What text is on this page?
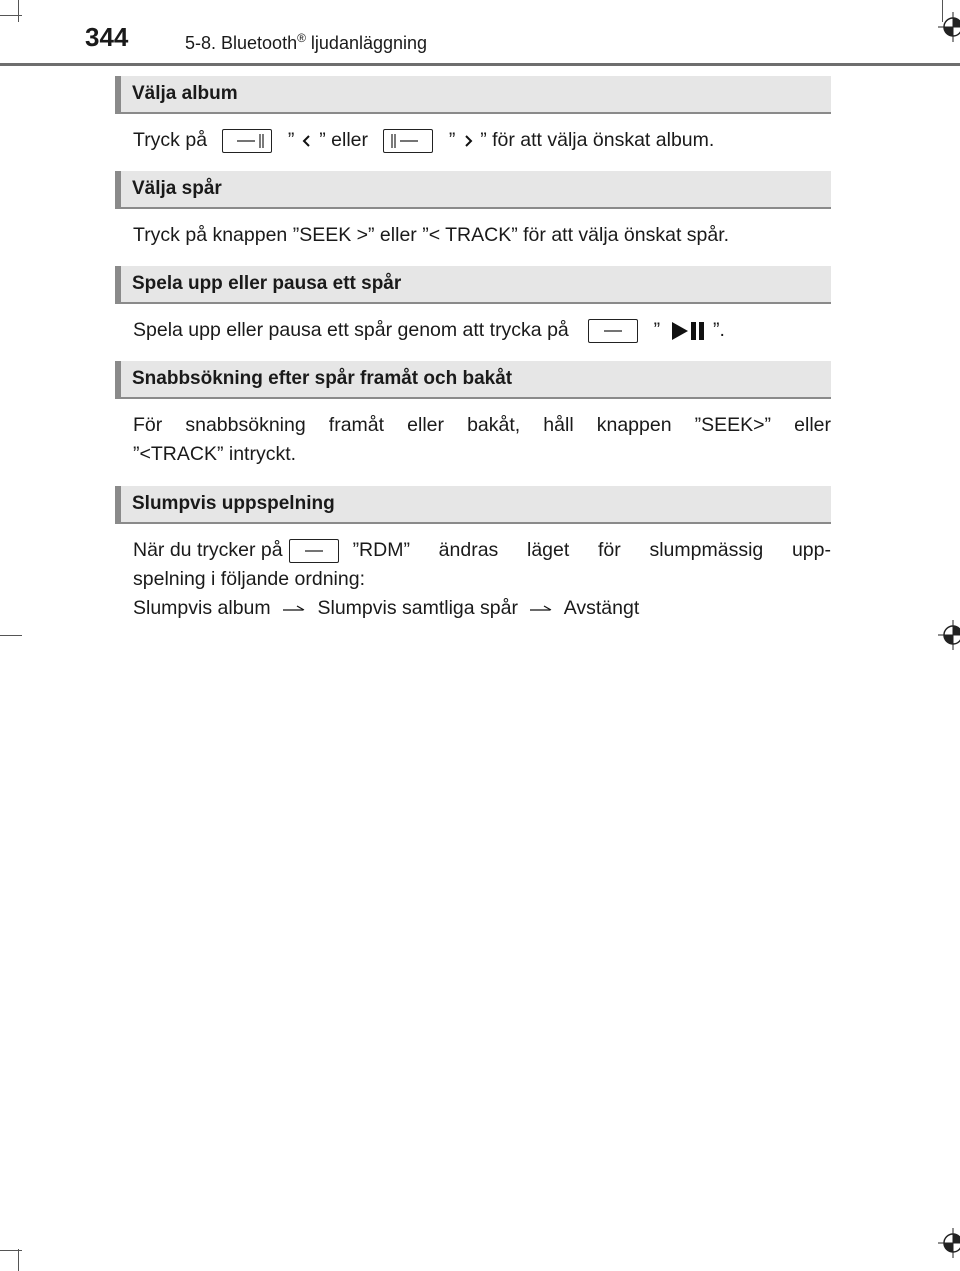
344	5-8. Bluetooth® ljudanläggning
Välja album
Tryck på	” ” eller	” ” för att välja önskat album.
Välja spår
Tryck på knappen ”SEEK >” eller ”< TRACK” för att välja önskat spår.
Spela upp eller pausa ett spår
Spela upp eller pausa ett spår genom att trycka på	”	”.
Snabbsökning efter spår framåt och bakåt
För snabbsökning framåt eller bakåt, håll knappen ”SEEK>” eller
”<TRACK” intryckt.
Slumpvis uppspelning
När du trycker på	”RDM” ändras läget för slumpmässig upp-
spelning i följande ordning:
Slumpvis album Slumpvis samtliga spår Avstängt
